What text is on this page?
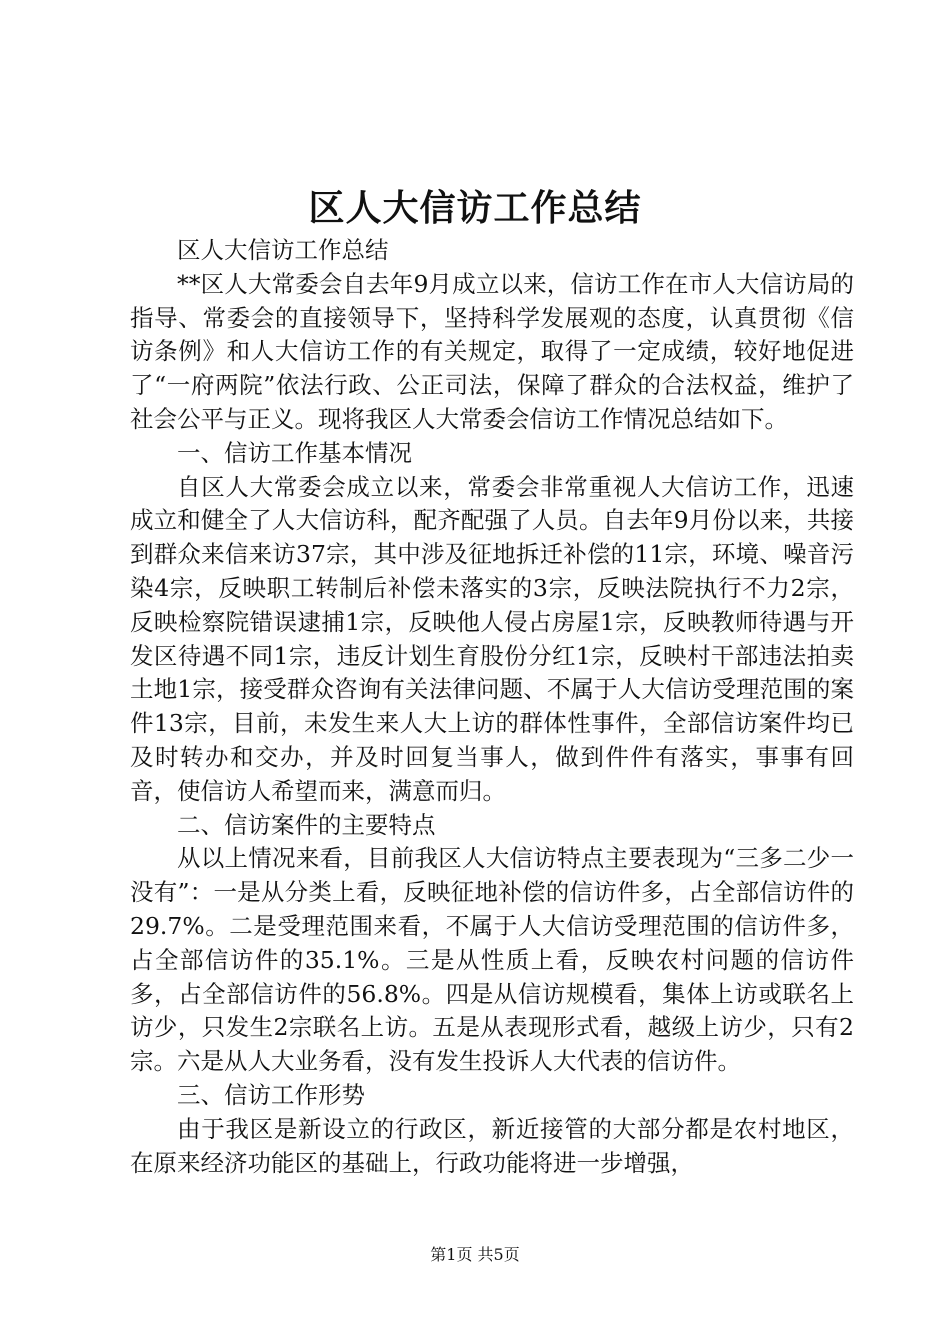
区人大信访工作总结

区人大信访工作总结

**区人大常委会自去年9月成立以来，信访工作在市人大信访局的指导、常委会的直接领导下，坚持科学发展观的态度，认真贯彻《信访条例》和人大信访工作的有关规定，取得了一定成绩，较好地促进了“一府两院”依法行政、公正司法，保障了群众的合法权益，维护了社会公平与正义。现将我区人大常委会信访工作情况总结如下。

一、信访工作基本情况

自区人大常委会成立以来，常委会非常重视人大信访工作，迅速成立和健全了人大信访科，配齐配强了人员。自去年9月份以来，共接到群众来信来访37宗，其中涉及征地拆迁补偿的11宗，环境、噪音污染4宗，反映职工转制后补偿未落实的3宗，反映法院执行不力2宗，反映检察院错误逮捕1宗，反映他人侵占房屋1宗，反映教师待遇与开发区待遇不同1宗，违反计划生育股份分红1宗，反映村干部违法拍卖土地1宗，接受群众咨询有关法律问题、不属于人大信访受理范围的案件13宗，目前，未发生来人大上访的群体性事件，全部信访案件均已及时转办和交办，并及时回复当事人，做到件件有落实，事事有回音，使信访人希望而来，满意而归。

二、信访案件的主要特点

从以上情况来看，目前我区人大信访特点主要表现为“三多二少一没有”：一是从分类上看，反映征地补偿的信访件多，占全部信访件的29.7%。二是受理范围来看，不属于人大信访受理范围的信访件多，占全部信访件的35.1%。三是从性质上看，反映农村问题的信访件多，占全部信访件的56.8%。四是从信访规模看，集体上访或联名上访少，只发生2宗联名上访。五是从表现形式看，越级上访少，只有2宗。六是从人大业务看，没有发生投诉人大代表的信访件。

三、信访工作形势

由于我区是新设立的行政区，新近接管的大部分都是农村地区，在原来经济功能区的基础上，行政功能将进一步增强，

第1页 共5页
